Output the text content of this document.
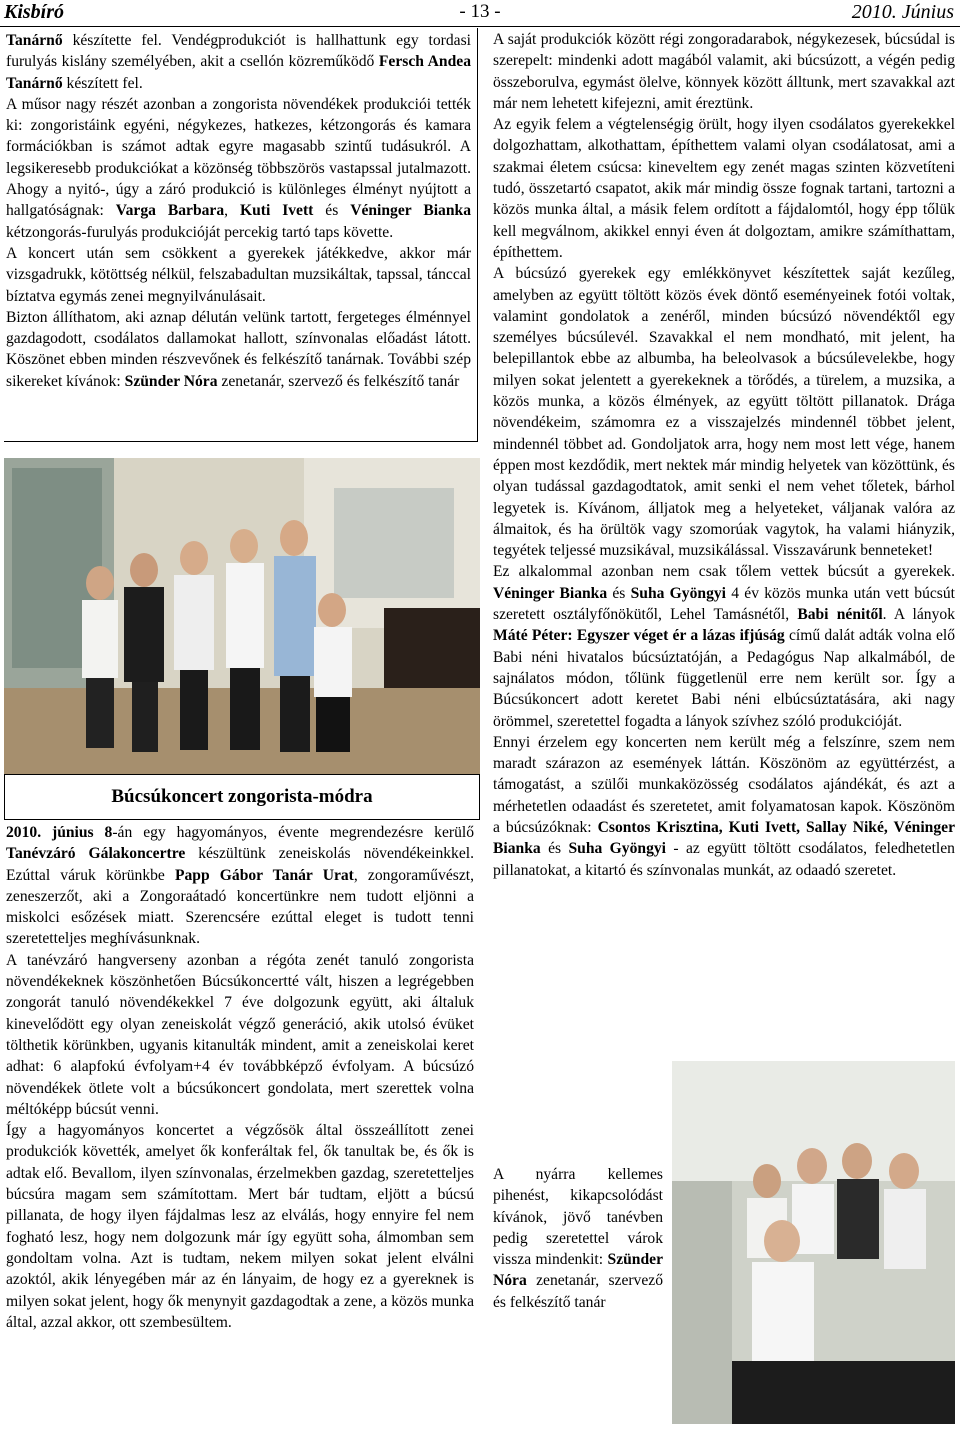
- 13 -
Kisbíró	2010. Június

Tanárnő készítette fel. Vendégprodukciót is hallhattunk egy tordasi furulyás kislány személyében, akit a csellón közreműködő Fersch Andea Tanárnő készített fel.

A műsor nagy részét azonban a zongorista növendékek produkciói tették ki: zongoristáink egyéni, négykezes, hatkezes, kétzongorás és kamara formációkban is számot adtak egyre magasabb szintű tudásukról. A legsikeresebb produkciókat a közönség többszörös vastapssal jutalmazott. Ahogy a nyitó-, úgy a záró produkció is különleges élményt nyújtott a hallgatóságnak: Varga Barbara, Kuti Ivett és Véninger Bianka kétzongorás-furulyás produkcióját percekig tartó taps követte.

A koncert után sem csökkent a gyerekek játékkedve, akkor már vizsgadrukk, kötöttség nélkül, felszabadultan muzsikáltak, tapssal, tánccal bíztatva egymás zenei megnyilvánulásait.

Bizton állíthatom, aki aznap délután velünk tartott, fergeteges élménnyel gazdagodott, csodálatos dallamokat hallott, színvonalas előadást látott. Köszönet ebben minden részvevőnek és felkészítő tanárnak. További szép sikereket kívánok: Szünder Nóra zenetanár, szervező és felkészítő tanár

Búcsúkoncert zongorista-módra

2010. június 8-án egy hagyományos, évente megrendezésre kerülő Tanévzáró Gálakoncertre készültünk zeneiskolás növendékeinkkel. Ezúttal váruk körünkbe Papp Gábor Tanár Urat, zongoraművészt, zeneszerzőt, aki a Zongoraátadó koncertünkre nem tudott eljönni a miskolci esőzések miatt. Szerencsére ezúttal eleget is tudott tenni szeretetteljes meghívásunknak.

A tanévzáró hangverseny azonban a régóta zenét tanuló zongorista növendékeknek köszönhetően Búcsúkoncertté vált, hiszen a legrégebben zongorát tanuló növendékekkel 7 éve dolgozunk együtt, aki általuk kinevelődött egy olyan zeneiskolát végző generáció, akik utolsó évüket tölthetik körünkben, ugyanis kitanulták mindent, amit a zeneiskolai keret adhat: 6 alapfokú évfolyam+4 év továbbképző évfolyam. A búcsúzó növendékek ötlete volt a búcsúkoncert gondolata, mert szerettek volna méltóképp búcsút venni.

Így a hagyományos koncertet a végzősök által összeállított zenei produkciók követték, amelyet ők konferáltak fel, ők tanultak be, és ők is adtak elő. Bevallom, ilyen színvonalas, érzelmekben gazdag, szeretetteljes búcsúra magam sem számítottam. Mert bár tudtam, eljött a búcsú pillanata, de hogy ilyen fájdalmas lesz az elválás, hogy ennyire fel nem fogható lesz, hogy nem dolgozunk már így együtt soha, álmomban sem gondoltam volna. Azt is tudtam, nekem milyen sokat jelent elválni azoktól, akik lényegében már az én lányaim, de hogy ez a gyereknek is milyen sokat jelent, hogy ők menynyit gazdagodtak a zene, a közös munka által, azzal akkor, ott szembesültem.

A saját produkciók között régi zongoradarabok, négykezesek, búcsúdal is szerepelt: mindenki adott magából valamit, aki búcsúzott, a végén pedig összeborulva, egymást ölelve, könnyek között álltunk, mert szavakkal azt már nem lehetett kifejezni, amit éreztünk.

Az egyik felem a végtelenségig örült, hogy ilyen csodálatos gyerekekkel dolgozhattam, alkothattam, építhettem valami olyan csodálatosat, ami a szakmai életem csúcsa: kineveltem egy zenét magas szinten közvetíteni tudó, összetartó csapatot, akik már mindig össze fognak tartani, tartozni a közös munka által, a másik felem ordított a fájdalomtól, hogy épp tőlük kell megválnom, akikkel ennyi éven át dolgoztam, amikre számíthattam, építhettem.

A búcsúzó gyerekek egy emlékkönyvet készítettek saját kezűleg, amelyben az együtt töltött közös évek döntő eseményeinek fotói voltak, valamint gondolatok a zenéről, minden búcsúzó növendéktől egy személyes búcsúlevél. Szavakkal el nem mondható, mit jelent, ha belepillantok ebbe az albumba, ha beleolvasok a búcsúlevelekbe, hogy milyen sokat jelentett a gyerekeknek a törődés, a türelem, a muzsika, a közös munka, a közös élmények, az együtt töltött pillanatok. Drága növendékeim, számomra ez a visszajelzés mindennél többet jelent, mindennél többet ad. Gondoljatok arra, hogy nem most lett vége, hanem éppen most kezdődik, mert nektek már mindig helyetek van közöttünk, és olyan tudással gazdagodtatok, amit senki el nem vehet tőletek, bárhol legyetek is. Kívánom, álljatok meg a helyeteket, váljanak valóra az álmaitok, és ha örültök vagy szomorúak vagytok, ha valami hiányzik, tegyétek teljessé muzsikával, muzsikálással. Visszavárunk benneteket!

Ez alkalommal azonban nem csak tőlem vettek búcsút a gyerekek. Véninger Bianka és Suha Gyöngyi 4 év közös munka után vett búcsút szeretett osztályfőnökütől, Lehel Tamásnétől, Babi nénitől. A lányok Máté Péter: Egyszer véget ér a lázas ifjúság című dalát adták volna elő Babi néni hivatalos búcsúztatóján, a Pedagógus Nap alkalmából, de sajnálatos módon, tőlünk függetlenül erre nem került sor. Így a Búcsúkoncert adott keretet Babi néni elbúcsúztatására, aki nagy örömmel, szeretettel fogadta a lányok szívhez szóló produkcióját.

Ennyi érzelem egy koncerten nem került még a felszínre, szem nem maradt szárazon az események láttán. Köszönöm az együttérzést, a támogatást, a szülői munkaközösség csodálatos ajándékát, és azt a mérhetetlen odaadást és szeretetet, amit folyamatosan kapok. Köszönöm a búcsúzóknak: Csontos Krisztina, Kuti Ivett, Sallay Niké, Véninger Bianka és Suha Gyöngyi - az együtt töltött csodálatos, feledhetetlen pillanatokat, a kitartó és színvonalas munkát, az odaadó szeretet.

A nyárra kellemes pihenést, kikapcsolódást kívánok, jövő tanévben pedig szeretettel várok vissza mindenkit: Szünder Nóra zenetanár, szervező és felkészítő tanár
